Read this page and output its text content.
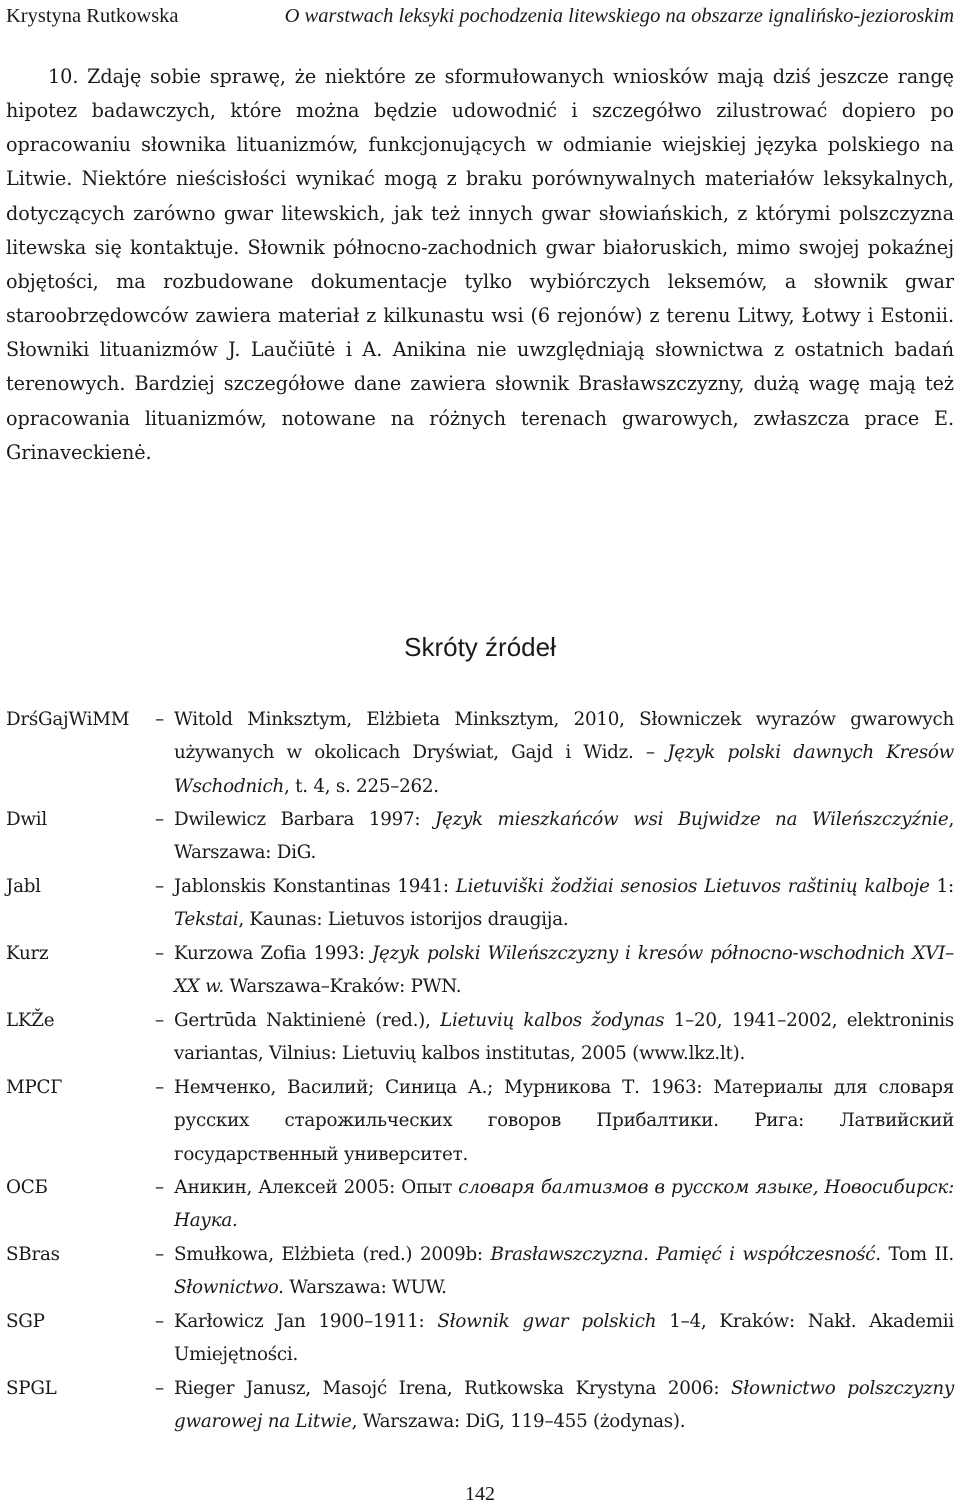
Krystyna Rutkowska	O warstwach leksyki pochodzenia litewskiego na obszarze ignalińsko-jezioroskim

10. Zdaję sobie sprawę, że niektóre ze sformułowanych wniosków mają dziś jeszcze rangę hipotez badawczych, które można będzie udowodnić i szczegółwo zilustrować dopiero po opracowaniu słownika lituanizmów, funkcjonujących w odmianie wiejskiej języka polskiego na Litwie. Niektóre nieścisłości wynikać mogą z braku porównywalnych materiałów leksykalnych, dotyczących zarówno gwar litewskich, jak też innych gwar słowiańskich, z którymi polszczyzna litewska się kontaktuje. Słownik północno-zachodnich gwar białoruskich, mimo swojej pokaźnej objętości, ma rozbudowane dokumentacje tylko wybiórczych leksemów, a słownik gwar staroobrzędowców zawiera materiał z kilkunastu wsi (6 rejonów) z terenu Litwy, Łotwy i Estonii. Słowniki lituanizmów J. Laučiūtė i A. Anikina nie uwzględniają słownictwa z ostatnich badań terenowych. Bardziej szczegółowe dane zawiera słownik Brasławszczyzny, dużą wagę mają też opracowania lituanizmów, notowane na różnych terenach gwarowych, zwłaszcza prace E. Grinaveckienė.

Skróty źródeł
DrśGajWiMM – Witold Minksztym, Elżbieta Minksztym, 2010, Słowniczek wyrazów gwarowych używanych w okolicach Dryświat, Gajd i Widz. – Język polski dawnych Kresów Wschodnich, t. 4, s. 225–262.
Dwil	– Dwilewicz Barbara 1997: Język mieszkańców wsi Bujwidze na Wileńszczyźnie, Warszawa: DiG.
Jabl	– Jablonskis Konstantinas 1941: Lietuviški žodžiai senosios Lietuvos raštinių kalboje 1: Tekstai, Kaunas: Lietuvos istorijos draugija.
Kurz	– Kurzowa Zofia 1993: Język polski Wileńszczyzny i kresów północno-wschodnich XVI–XX w. Warszawa–Kraków: PWN.
LKŽe	– Gertrūda Naktinienė (red.), Lietuvių kalbos žodynas 1–20, 1941–2002, elektroninis variantas, Vilnius: Lietuvių kalbos institutas, 2005 (www.lkz.lt).
МРСГ	– Немченко, Василий; Синица А.; Мурникова Т. 1963: Материалы для словаря русских старожильческих говоров Прибалтики. Рига: Латвийский государственный университет.
ОСБ	– Аникин, Алексей 2005: Опыт словаря балтизмов в русском языке, Новосибирск: Наука.
SBras	– Smułkowa, Elżbieta (red.) 2009b: Brasławszczyzna. Pamięć i współczesność. Tom II. Słownictwo. Warszawa: WUW.
SGP	– Karłowicz Jan 1900–1911: Słownik gwar polskich 1–4, Kraków: Nakł. Akademii Umiejętności.
SPGL	– Rieger Janusz, Masojć Irena, Rutkowska Krystyna 2006: Słownictwo polszczyzny gwarowej na Litwie, Warszawa: DiG, 119–455 (żodynas).
142
